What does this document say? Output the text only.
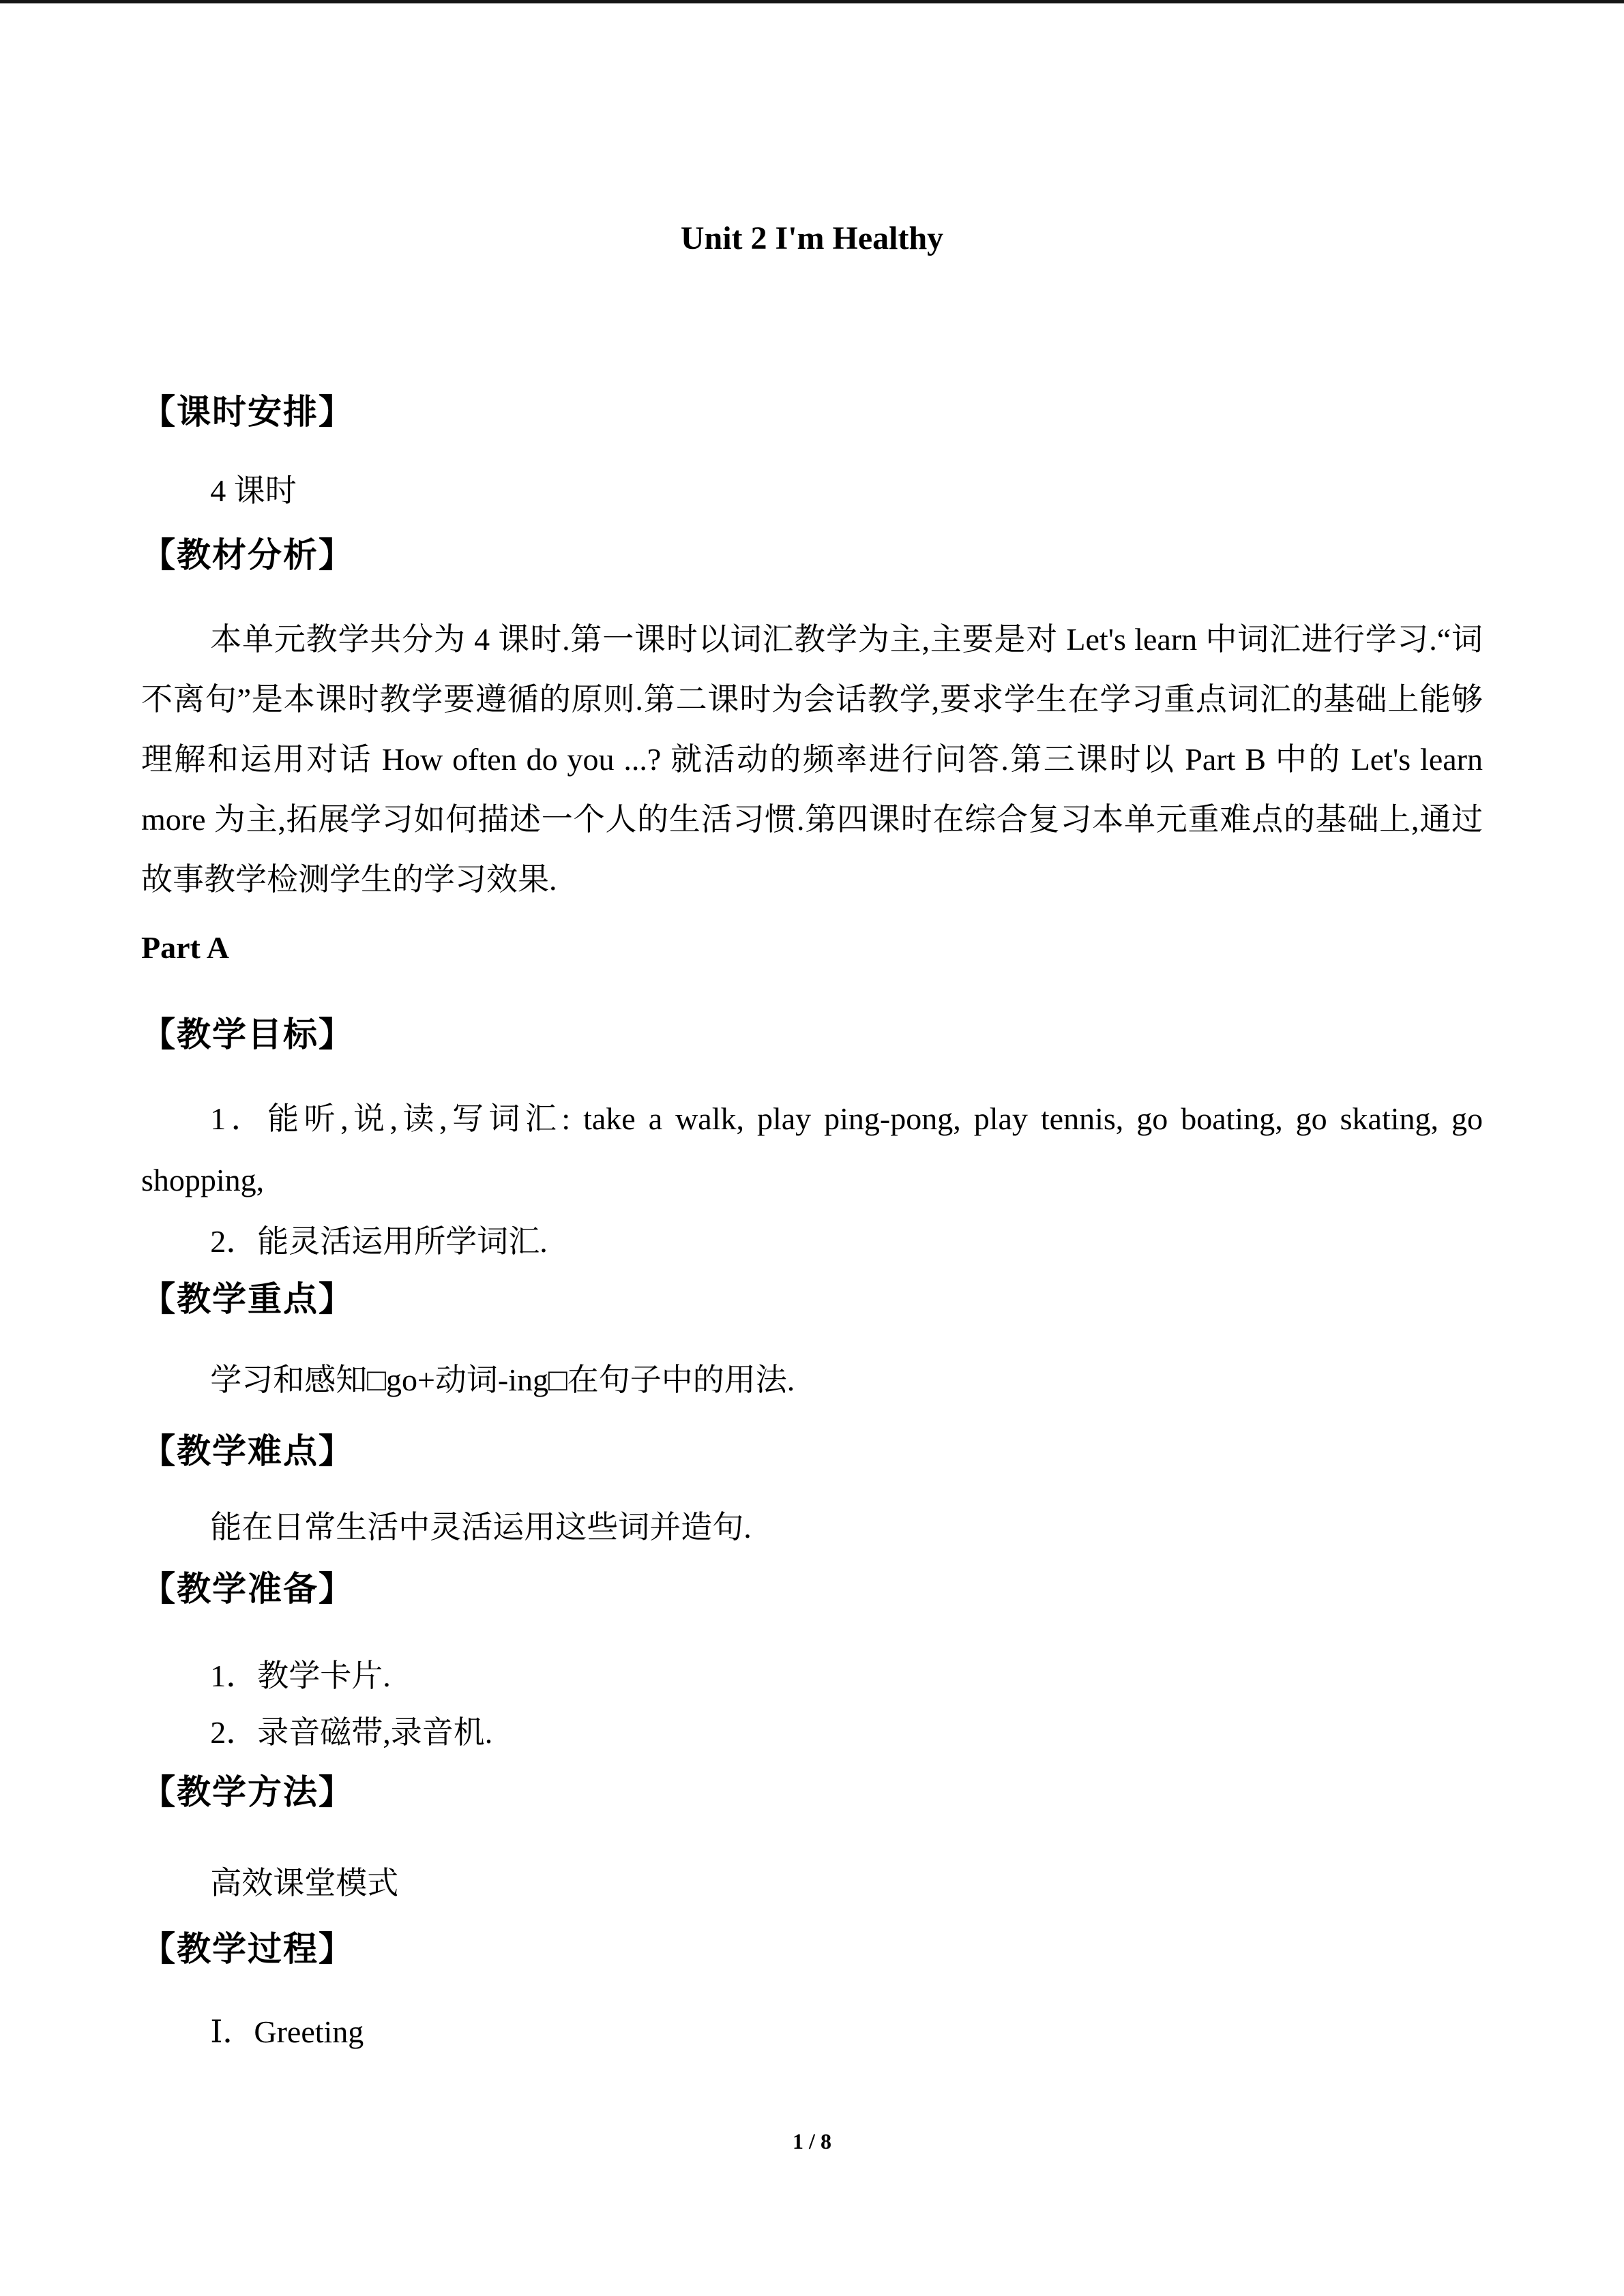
Unit 2 I'm Healthy
【课时安排】
4 课时
【教材分析】
本单元教学共分为 4 课时.第一课时以词汇教学为主,主要是对 Let's learn 中词汇进行学习.“词不离句”是本课时教学要遵循的原则.第二课时为会话教学,要求学生在学习重点词汇的基础上能够理解和运用对话 How often do you ...? 就活动的频率进行问答.第三课时以 Part B 中的 Let's learn more 为主,拓展学习如何描述一个人的生活习惯.第四课时在综合复习本单元重难点的基础上,通过故事教学检测学生的学习效果.
Part A
【教学目标】
1．能听,说,读,写词汇: take a walk, play ping-pong, play tennis, go boating, go skating, go shopping,
2．能灵活运用所学词汇.
【教学重点】
学习和感知□go+动词-ing□在句子中的用法.
【教学难点】
能在日常生活中灵活运用这些词并造句.
【教学准备】
1．教学卡片.
2．录音磁带,录音机.
【教学方法】
高效课堂模式
【教学过程】
Ⅰ．Greeting
1 / 8
